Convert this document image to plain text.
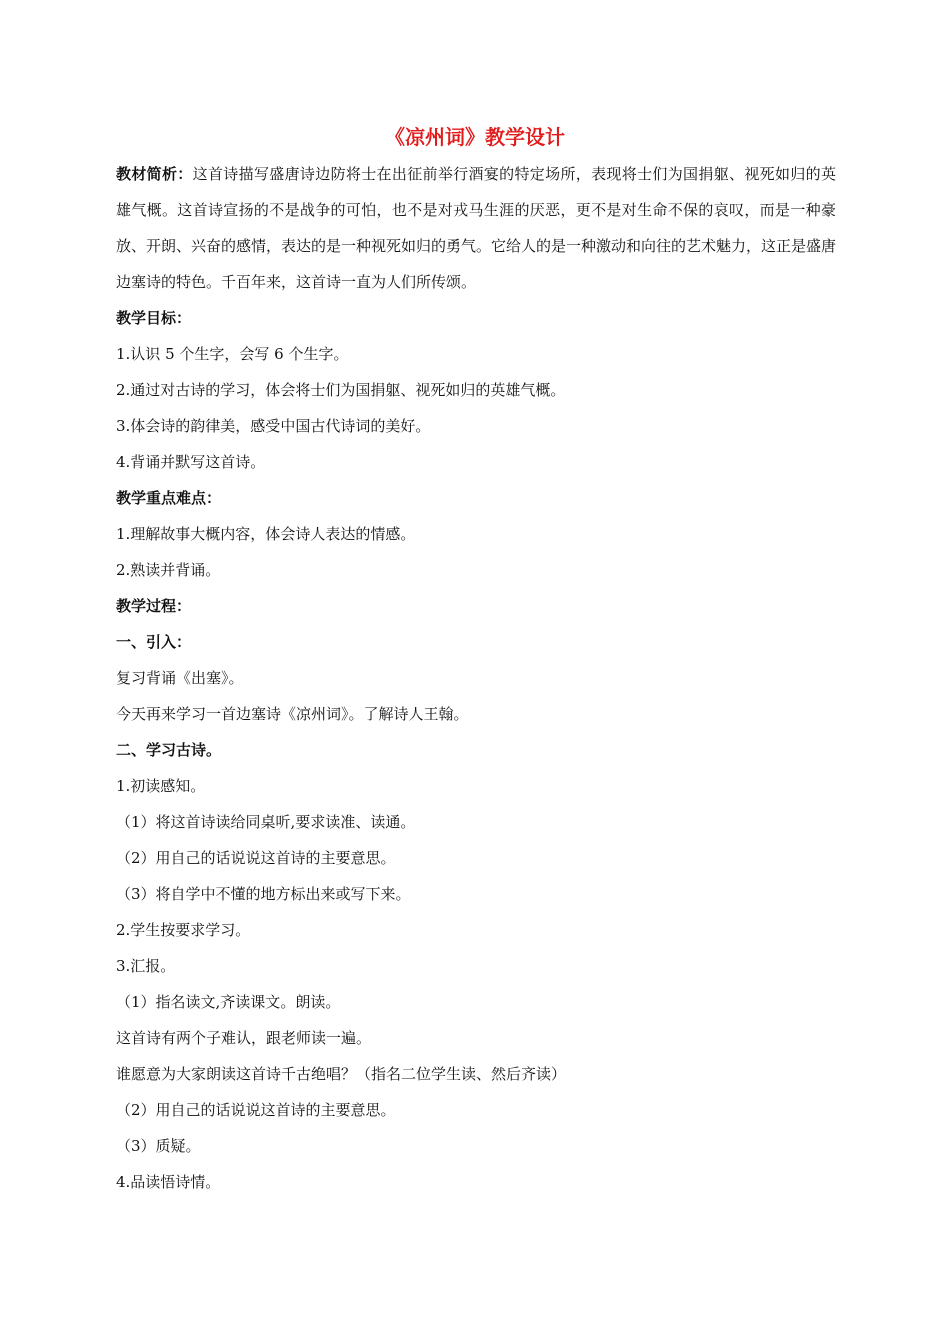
《凉州词》教学设计

教材简析：这首诗描写盛唐诗边防将士在出征前举行酒宴的特定场所，表现将士们为国捐躯、视死如归的英雄气概。这首诗宣扬的不是战争的可怕，也不是对戎马生涯的厌恶，更不是对生命不保的哀叹，而是一种豪放、开朗、兴奋的感情，表达的是一种视死如归的勇气。它给人的是一种激动和向往的艺术魅力，这正是盛唐边塞诗的特色。千百年来，这首诗一直为人们所传颂。

教学目标：

1.认识 5 个生字，会写 6 个生字。

2.通过对古诗的学习，体会将士们为国捐躯、视死如归的英雄气概。

3.体会诗的韵律美，感受中国古代诗词的美好。

4.背诵并默写这首诗。

教学重点难点：

1.理解故事大概内容，体会诗人表达的情感。

2.熟读并背诵。

教学过程：

一、引入：

复习背诵《出塞》。

今天再来学习一首边塞诗《凉州词》。了解诗人王翰。

二、学习古诗。

1.初读感知。

（1）将这首诗读给同桌听,要求读准、读通。

（2）用自己的话说说这首诗的主要意思。

（3）将自学中不懂的地方标出来或写下来。

2.学生按要求学习。

3.汇报。

（1）指名读文,齐读课文。朗读。

这首诗有两个子难认，跟老师读一遍。

谁愿意为大家朗读这首诗千古绝唱？（指名二位学生读、然后齐读）

（2）用自己的话说说这首诗的主要意思。

（3）质疑。

4.品读悟诗情。
